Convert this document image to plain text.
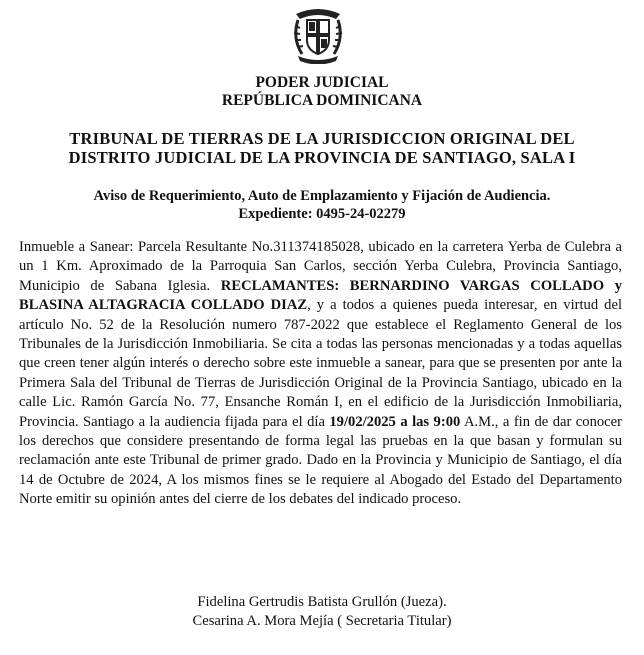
PODER JUDICIAL
REPÚBLICA DOMINICANA
TRIBUNAL DE TIERRAS DE LA JURISDICCION ORIGINAL DEL
DISTRITO JUDICIAL DE LA PROVINCIA DE SANTIAGO, SALA I
Aviso de Requerimiento, Auto de Emplazamiento y Fijación de Audiencia.
Expediente: 0495-24-02279
Inmueble a Sanear: Parcela Resultante No.311374185028, ubicado en la carretera Yerba de Culebra a un 1 Km. Aproximado de la Parroquia San Carlos, sección Yerba Culebra, Provincia Santiago, Municipio de Sabana Iglesia. RECLAMANTES: BERNARDINO VARGAS COLLADO y BLASINA ALTAGRACIA COLLADO DIAZ, y a todos a quienes pueda interesar, en virtud del artículo No. 52 de la Resolución numero 787-2022 que establece el Reglamento General de los Tribunales de la Jurisdicción Inmobiliaria. Se cita a todas las personas mencionadas y a todas aquellas que creen tener algún interés o derecho sobre este inmueble a sanear, para que se presenten por ante la Primera Sala del Tribunal de Tierras de Jurisdicción Original de la Provincia Santiago, ubicado en la calle Lic. Ramón García No. 77, Ensanche Román I, en el edificio de la Jurisdicción Inmobiliaria, Provincia. Santiago a la audiencia fijada para el día 19/02/2025 a las 9:00 A.M., a fin de dar conocer los derechos que considere presentando de forma legal las pruebas en la que basan y formulan su reclamación ante este Tribunal de primer grado. Dado en la Provincia y Municipio de Santiago, el día 14 de Octubre de 2024, A los mismos fines se le requiere al Abogado del Estado del Departamento Norte emitir su opinión antes del cierre de los debates del indicado proceso.
Fidelina Gertrudis Batista Grullón (Jueza).
Cesarina A. Mora Mejía ( Secretaria Titular)
